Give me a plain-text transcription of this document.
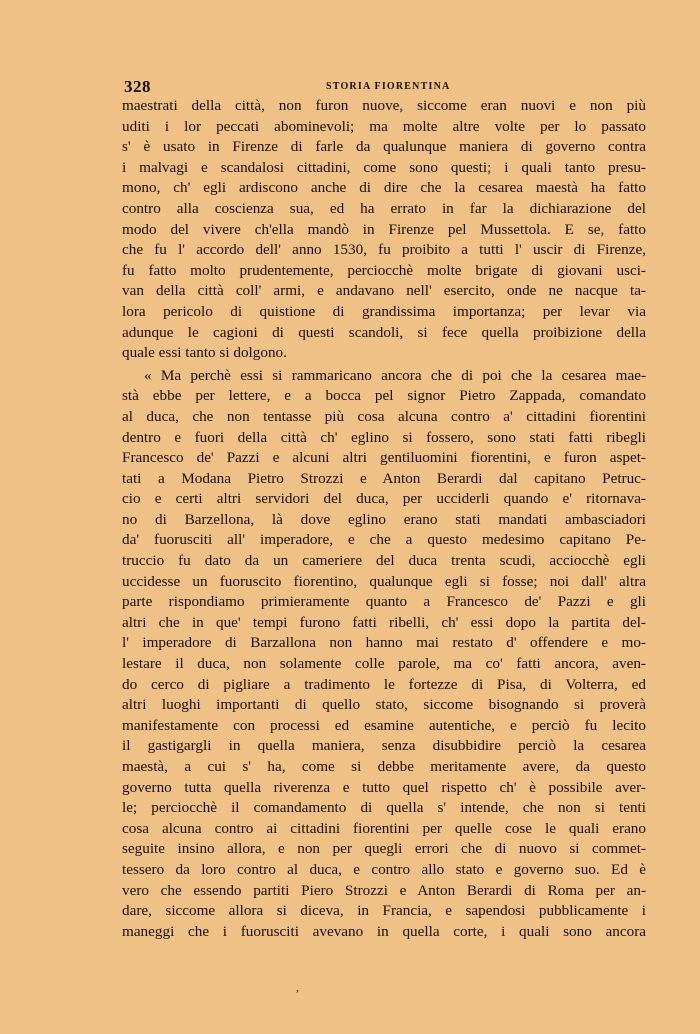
328	STORIA FIORENTINA
maestrati della città, non furon nuove, siccome eran nuovi e non più
uditi i lor peccati abominevoli; ma molte altre volte per lo passato
s' è usato in Firenze di farle da qualunque maniera di governo contra
i malvagi e scandalosi cittadini, come sono questi; i quali tanto presu-
mono, ch' egli ardiscono anche di dire che la cesarea maestà ha fatto
contro alla coscienza sua, ed ha errato in far la dichiarazione del
modo del vivere ch'ella mandò in Firenze pel Mussettola. E se, fatto
che fu l' accordo dell' anno 1530, fu proibito a tutti l' uscir di Firenze,
fu fatto molto prudentemente, perciocchè molte brigate di giovani usci-
van della città coll' armi, e andavano nell' esercito, onde ne nacque ta-
lora pericolo di quistione di grandissima importanza; per levar via
adunque le cagioni di questi scandoli, si fece quella proibizione della
quale essi tanto si dolgono.
« Ma perchè essi si rammaricano ancora che di poi che la cesarea mae-
stà ebbe per lettere, e a bocca pel signor Pietro Zappada, comandato
al duca, che non tentasse più cosa alcuna contro a' cittadini fiorentini
dentro e fuori della città ch' eglino si fossero, sono stati fatti ribegli
Francesco de' Pazzi e alcuni altri gentiluomini fiorentini, e furon aspet-
tati a Modana Pietro Strozzi e Anton Berardi dal capitano Petruc-
cio e certi altri servidori del duca, per ucciderli quando e' ritornava-
no di Barzellona, là dove eglino erano stati mandati ambasciadori
da' fuorusciti all' imperadore, e che a questo medesimo capitano Pe-
truccio fu dato da un cameriere del duca trenta scudi, acciocchè egli
uccidesse un fuoruscito fiorentino, qualunque egli si fosse; noi dall' altra
parte rispondiamo primieramente quanto a Francesco de' Pazzi e gli
altri che in que' tempi furono fatti ribelli, ch' essi dopo la partita del-
l' imperadore di Barzallona non hanno mai restato d' offendere e mo-
lestare il duca, non solamente colle parole, ma co' fatti ancora, aven-
do cerco di pigliare a tradimento le fortezze di Pisa, di Volterra, ed
altri luoghi importanti di quello stato, siccome bisognando si proverà
manifestamente con processi ed esamine autentiche, e perciò fu lecito
il gastigargli in quella maniera, senza disubbidire perciò la cesarea
maestà, a cui s' ha, come si debbe meritamente avere, da questo
governo tutta quella riverenza e tutto quel rispetto ch' è possibile aver-
le; perciocchè il comandamento di quella s' intende, che non si tenti
cosa alcuna contro ai cittadini fiorentini per quelle cose le quali erano
seguite insino allora, e non per quegli errori che di nuovo si commet-
tessero da loro contro al duca, e contro allo stato e governo suo. Ed è
vero che essendo partiti Piero Strozzi e Anton Berardi di Roma per an-
dare, siccome allora si diceva, in Francia, e sapendosi pubblicamente i
maneggi che i fuorusciti avevano in quella corte, i quali sono ancora
,
